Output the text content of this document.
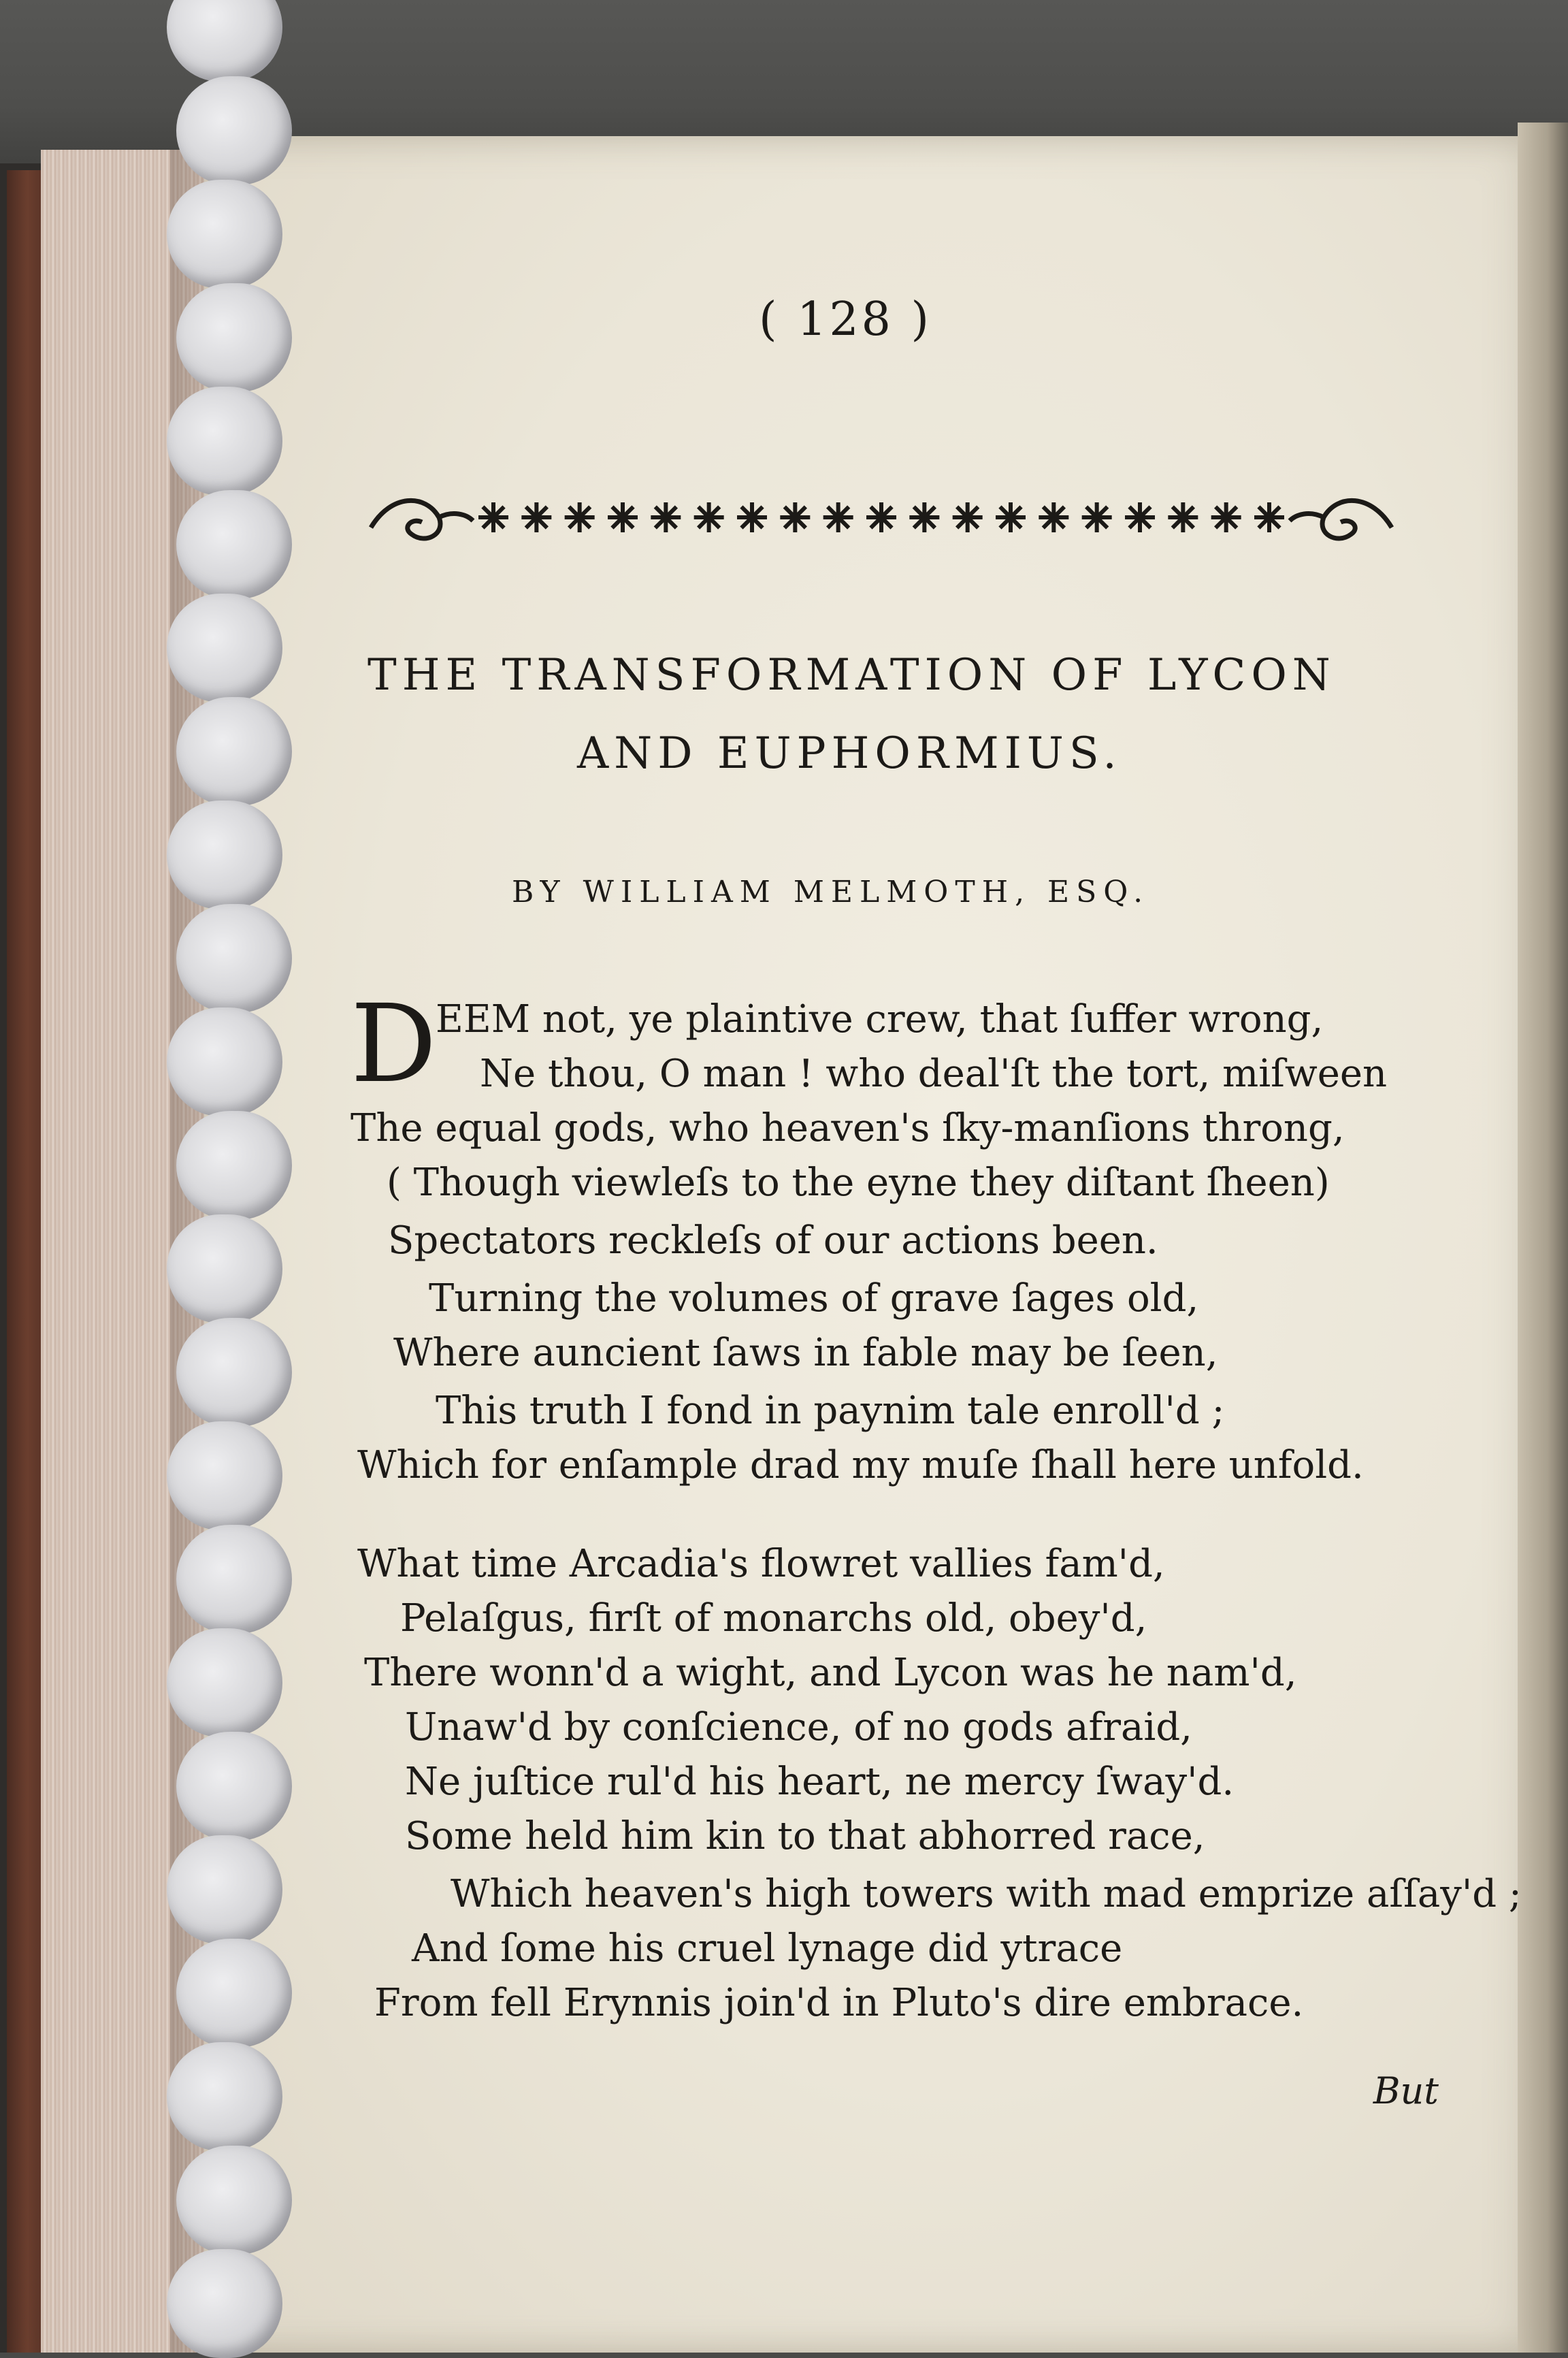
( 128 )
THE TRANSFORMATION OF LYCON
AND EUPHORMIUS.
BY WILLIAM MELMOTH, ESQ.
D
EEM not, ye plaintive crew, that ſuffer wrong,
Ne thou, O man ! who deal'ſt the tort, miſween
The equal gods, who heaven's ſky-manſions throng,
( Though viewleſs to the eyne they diſtant ſheen)
Spectators reckleſs of our actions been.
Turning the volumes of grave ſages old,
Where auncient ſaws in fable may be ſeen,
This truth I fond in paynim tale enroll'd ;
Which for enſample drad my muſe ſhall here unfold.
What time Arcadia's flowret vallies fam'd,
Pelaſgus, firſt of monarchs old, obey'd,
There wonn'd a wight, and Lycon was he nam'd,
Unaw'd by conſcience, of no gods afraid,
Ne juſtice rul'd his heart, ne mercy ſway'd.
Some held him kin to that abhorred race,
Which heaven's high towers with mad emprize aſſay'd ;
And ſome his cruel lynage did ytrace
From fell Erynnis join'd in Pluto's dire embrace.
But
